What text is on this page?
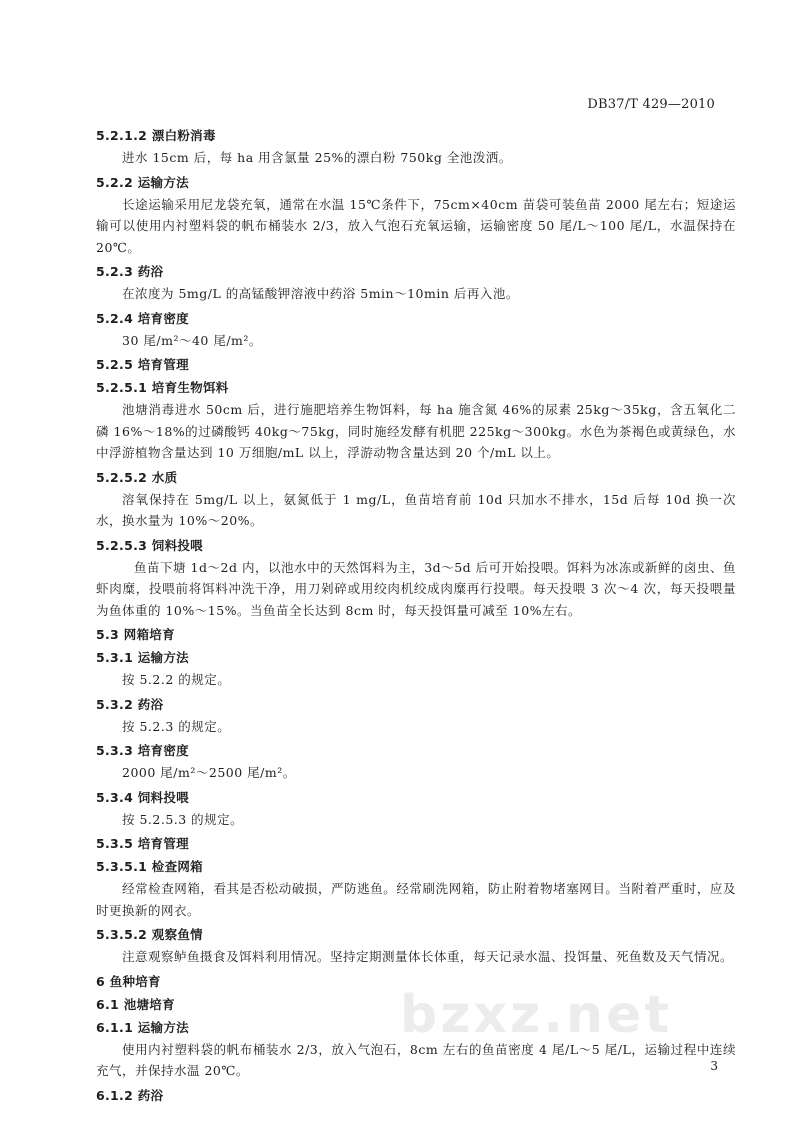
DB37/T 429—2010
5.2.1.2 漂白粉消毒
进水 15cm 后，每 ha 用含氯量 25%的漂白粉 750kg 全池泼洒。
5.2.2 运输方法
长途运输采用尼龙袋充氧，通常在水温 15℃条件下，75cm×40cm 苗袋可装鱼苗 2000 尾左右；短途运输可以使用内衬塑料袋的帆布桶装水 2/3，放入气泡石充氧运输，运输密度 50 尾/L～100 尾/L，水温保持在 20℃。
5.2.3 药浴
在浓度为 5mg/L 的高锰酸钾溶液中药浴 5min～10min 后再入池。
5.2.4 培育密度
30 尾/m²～40 尾/m²。
5.2.5 培育管理
5.2.5.1 培育生物饵料
池塘消毒进水 50cm 后，进行施肥培养生物饵料，每 ha 施含氮 46%的尿素 25kg～35kg，含五氧化二磷 16%～18%的过磷酸钙 40kg～75kg，同时施经发酵有机肥 225kg～300kg。水色为茶褐色或黄绿色，水中浮游植物含量达到 10 万细胞/mL 以上，浮游动物含量达到 20 个/mL 以上。
5.2.5.2 水质
溶氧保持在 5mg/L 以上，氨氮低于 1 mg/L，鱼苗培育前 10d 只加水不排水，15d 后每 10d 换一次水，换水量为 10%～20%。
5.2.5.3 饲料投喂
鱼苗下塘 1d～2d 内，以池水中的天然饵料为主，3d～5d 后可开始投喂。饵料为冰冻或新鲜的卤虫、鱼虾肉糜，投喂前将饵料冲洗干净，用刀剁碎或用绞肉机绞成肉糜再行投喂。每天投喂 3 次～4 次，每天投喂量为鱼体重的 10%～15%。当鱼苗全长达到 8cm 时，每天投饵量可减至 10%左右。
5.3 网箱培育
5.3.1 运输方法
按 5.2.2 的规定。
5.3.2 药浴
按 5.2.3 的规定。
5.3.3 培育密度
2000 尾/m²～2500 尾/m²。
5.3.4 饲料投喂
按 5.2.5.3 的规定。
5.3.5 培育管理
5.3.5.1 检查网箱
经常检查网箱，看其是否松动破损，严防逃鱼。经常刷洗网箱，防止附着物堵塞网目。当附着严重时，应及时更换新的网衣。
5.3.5.2 观察鱼情
注意观察鲈鱼摄食及饵料利用情况。坚持定期测量体长体重，每天记录水温、投饵量、死鱼数及天气情况。
6 鱼种培育
6.1 池塘培育
6.1.1 运输方法
使用内衬塑料袋的帆布桶装水 2/3，放入气泡石，8cm 左右的鱼苗密度 4 尾/L～5 尾/L，运输过程中连续充气，并保持水温 20℃。
6.1.2 药浴
bzxz.net
3
